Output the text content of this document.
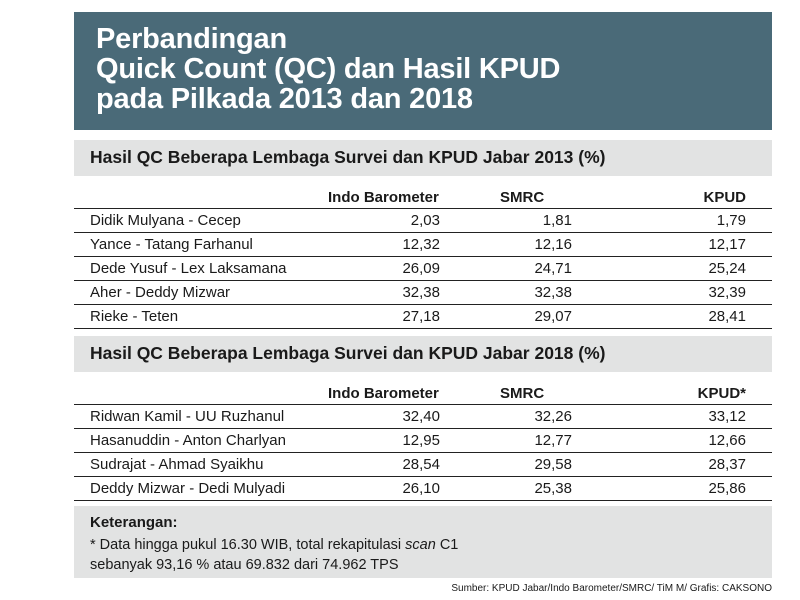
Perbandingan
Quick Count (QC) dan Hasil KPUD
pada Pilkada 2013 dan 2018
Hasil QC Beberapa Lembaga Survei dan KPUD Jabar 2013 (%)
	Indo Barometer	SMRC	KPUD
Didik Mulyana - Cecep	2,03	1,81	1,79
Yance - Tatang Farhanul	12,32	12,16	12,17
Dede Yusuf - Lex Laksamana	26,09	24,71	25,24
Aher - Deddy Mizwar	32,38	32,38	32,39
Rieke - Teten	27,18	29,07	28,41
Hasil QC Beberapa Lembaga Survei dan KPUD Jabar 2018 (%)
	Indo Barometer	SMRC	KPUD*
Ridwan Kamil - UU Ruzhanul	32,40	32,26	33,12
Hasanuddin - Anton Charlyan	12,95	12,77	12,66
Sudrajat - Ahmad Syaikhu	28,54	29,58	28,37
Deddy Mizwar - Dedi Mulyadi	26,10	25,38	25,86
Keterangan:
* Data hingga pukul 16.30 WIB, total rekapitulasi scan C1
sebanyak 93,16 % atau 69.832 dari 74.962 TPS
Sumber: KPUD Jabar/Indo Barometer/SMRC/ TiM M/ Grafis: CAKSONO
